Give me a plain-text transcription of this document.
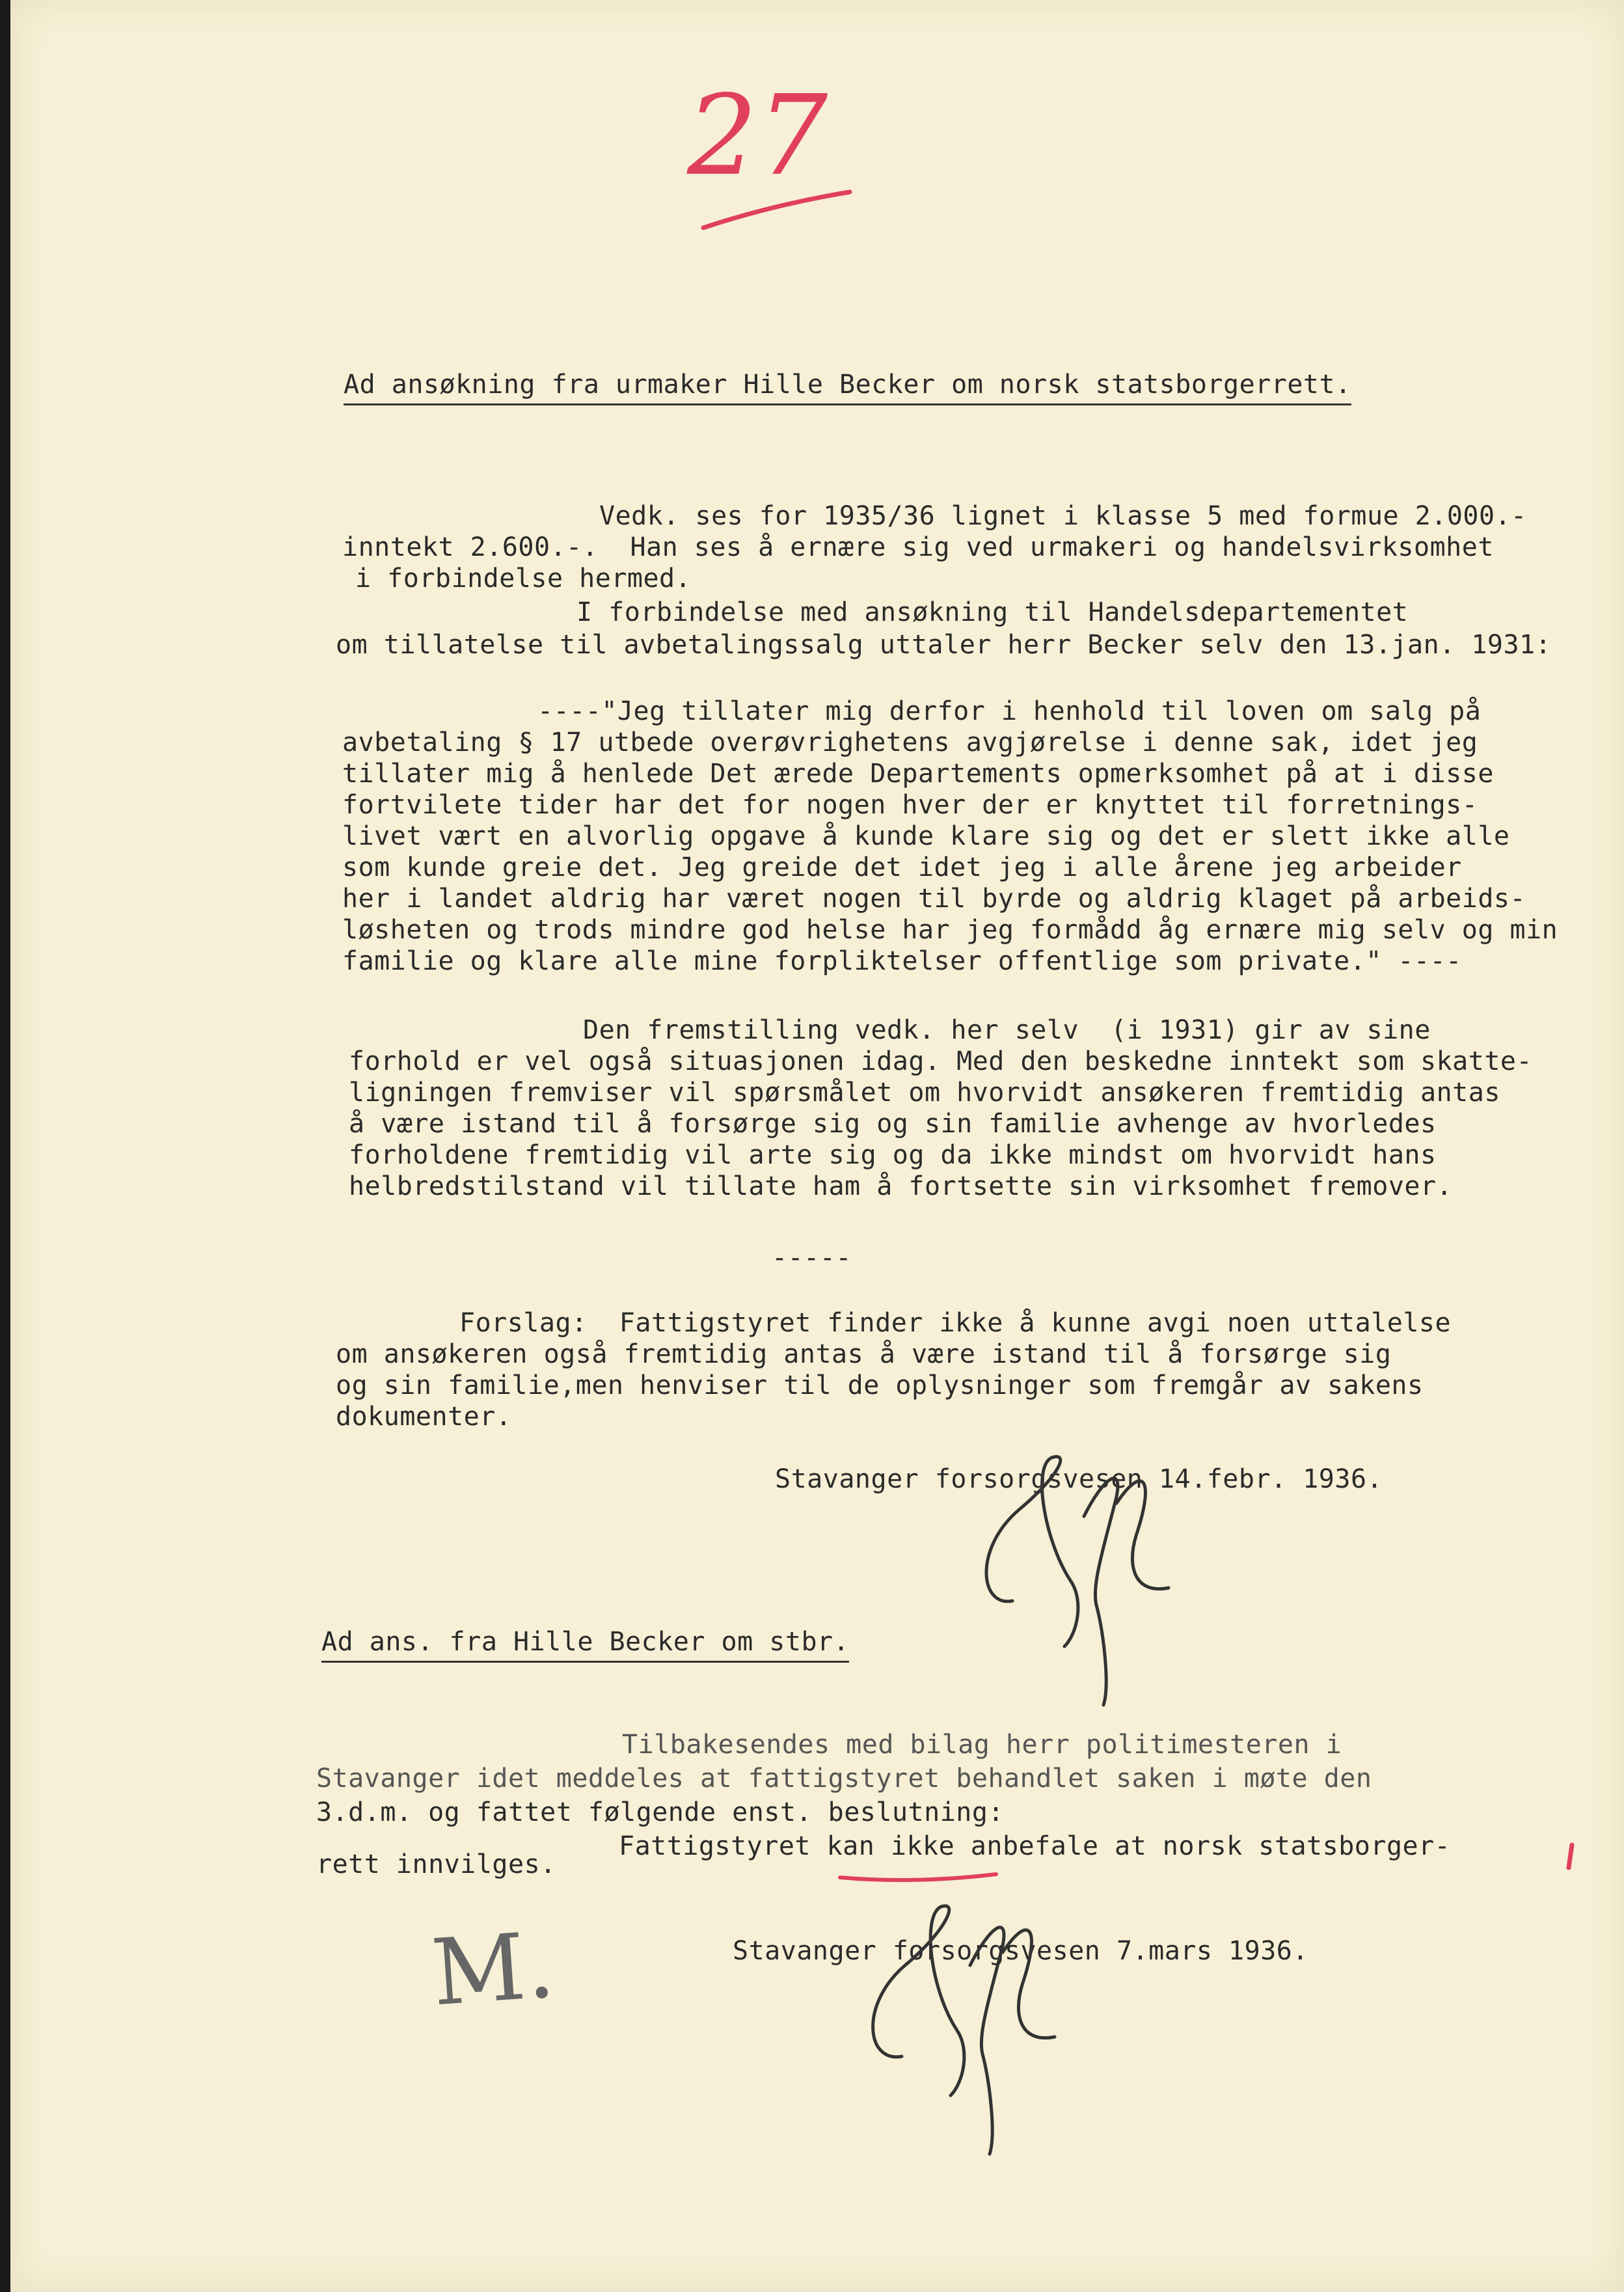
27
Ad ansøkning fra urmaker Hille Becker om norsk statsborgerrett.
Vedk. ses for 1935/36 lignet i klasse 5 med formue 2.000.-
inntekt 2.600.-.  Han ses å ernære sig ved urmakeri og handelsvirksomhet
i forbindelse hermed.
I forbindelse med ansøkning til Handelsdepartementet
om tillatelse til avbetalingssalg uttaler herr Becker selv den 13.jan. 1931:
----"Jeg tillater mig derfor i henhold til loven om salg på
avbetaling § 17 utbede overøvrighetens avgjørelse i denne sak, idet jeg
tillater mig å henlede Det ærede Departements opmerksomhet på at i disse
fortvilete tider har det for nogen hver der er knyttet til forretnings-
livet vært en alvorlig opgave å kunde klare sig og det er slett ikke alle
som kunde greie det. Jeg greide det idet jeg i alle årene jeg arbeider
her i landet aldrig har været nogen til byrde og aldrig klaget på arbeids-
løsheten og trods mindre god helse har jeg formådd åg ernære mig selv og min
familie og klare alle mine forpliktelser offentlige som private." ----
Den fremstilling vedk. her selv  (i 1931) gir av sine
forhold er vel også situasjonen idag. Med den beskedne inntekt som skatte-
ligningen fremviser vil spørsmålet om hvorvidt ansøkeren fremtidig antas
å være istand til å forsørge sig og sin familie avhenge av hvorledes
forholdene fremtidig vil arte sig og da ikke mindst om hvorvidt hans
helbredstilstand vil tillate ham å fortsette sin virksomhet fremover.
-----
Forslag:  Fattigstyret finder ikke å kunne avgi noen uttalelse
om ansøkeren også fremtidig antas å være istand til å forsørge sig
og sin familie,men henviser til de oplysninger som fremgår av sakens
dokumenter.
Stavanger forsorgsvesen 14.febr. 1936.
Ad ans. fra Hille Becker om stbr.
Tilbakesendes med bilag herr politimesteren i
Stavanger idet meddeles at fattigstyret behandlet saken i møte den
3.d.m. og fattet følgende enst. beslutning:
Fattigstyret kan ikke anbefale at norsk statsborger-
rett innvilges.
Stavanger forsorgsvesen 7.mars 1936.
M.
